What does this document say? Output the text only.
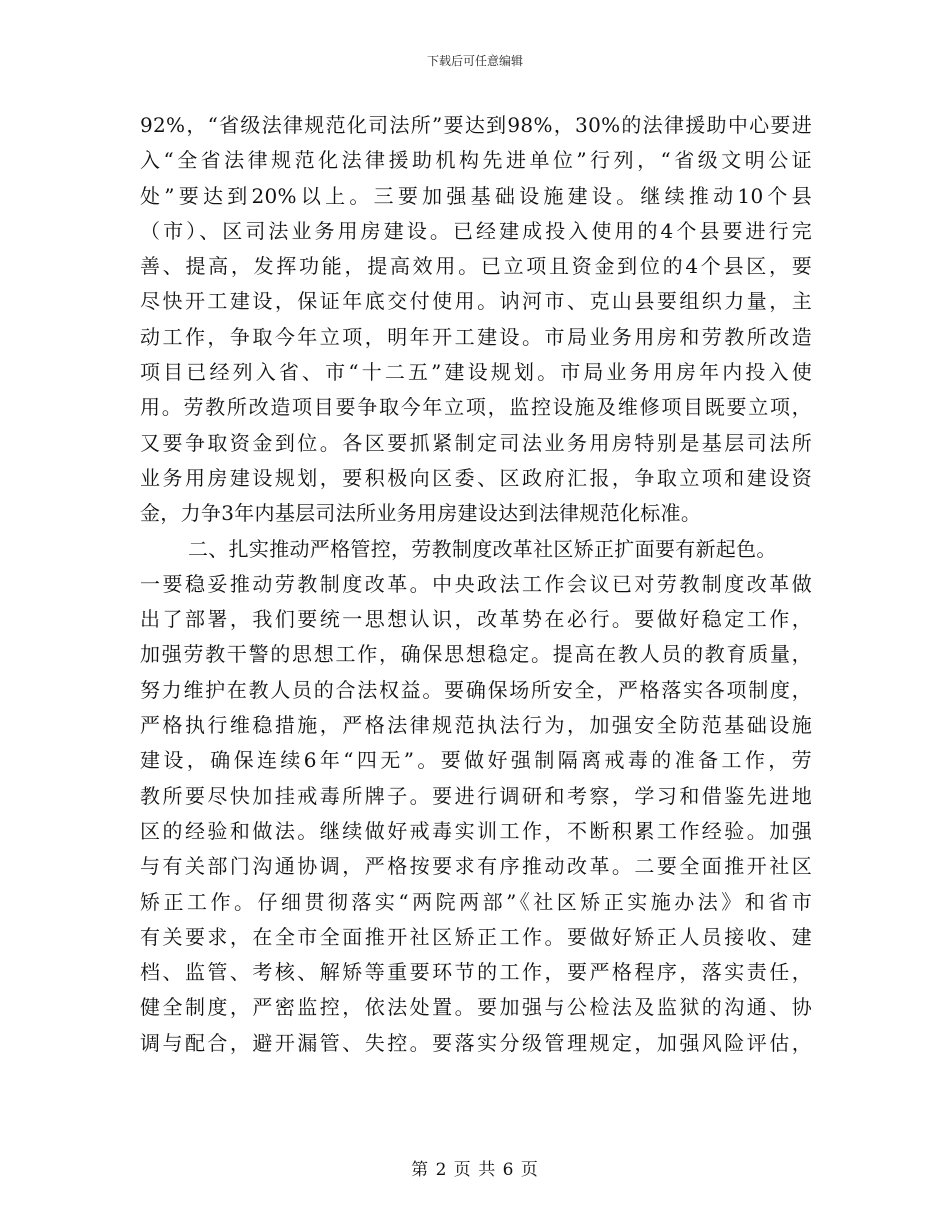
下载后可任意编辑
92%，“省级法律规范化司法所”要达到98%，30%的法律援助中心要进
入“全省法律规范化法律援助机构先进单位”行列，“省级文明公证
处”要达到20%以上。三要加强基础设施建设。继续推动10个县
（市）、区司法业务用房建设。已经建成投入使用的4个县要进行完
善、提高，发挥功能，提高效用。已立项且资金到位的4个县区，要
尽快开工建设，保证年底交付使用。讷河市、克山县要组织力量，主
动工作，争取今年立项，明年开工建设。市局业务用房和劳教所改造
项目已经列入省、市“十二五”建设规划。市局业务用房年内投入使
用。劳教所改造项目要争取今年立项，监控设施及维修项目既要立项，
又要争取资金到位。各区要抓紧制定司法业务用房特别是基层司法所
业务用房建设规划，要积极向区委、区政府汇报，争取立项和建设资
金，力争3年内基层司法所业务用房建设达到法律规范化标准。
二、扎实推动严格管控，劳教制度改革社区矫正扩面要有新起色。
一要稳妥推动劳教制度改革。中央政法工作会议已对劳教制度改革做
出了部署，我们要统一思想认识，改革势在必行。要做好稳定工作，
加强劳教干警的思想工作，确保思想稳定。提高在教人员的教育质量，
努力维护在教人员的合法权益。要确保场所安全，严格落实各项制度，
严格执行维稳措施，严格法律规范执法行为，加强安全防范基础设施
建设，确保连续6年“四无”。要做好强制隔离戒毒的准备工作，劳
教所要尽快加挂戒毒所牌子。要进行调研和考察，学习和借鉴先进地
区的经验和做法。继续做好戒毒实训工作，不断积累工作经验。加强
与有关部门沟通协调，严格按要求有序推动改革。二要全面推开社区
矫正工作。仔细贯彻落实“两院两部”《社区矫正实施办法》和省市
有关要求，在全市全面推开社区矫正工作。要做好矫正人员接收、建
档、监管、考核、解矫等重要环节的工作，要严格程序，落实责任，
健全制度，严密监控，依法处置。要加强与公检法及监狱的沟通、协
调与配合，避开漏管、失控。要落实分级管理规定，加强风险评估，
第 2 页 共 6 页
